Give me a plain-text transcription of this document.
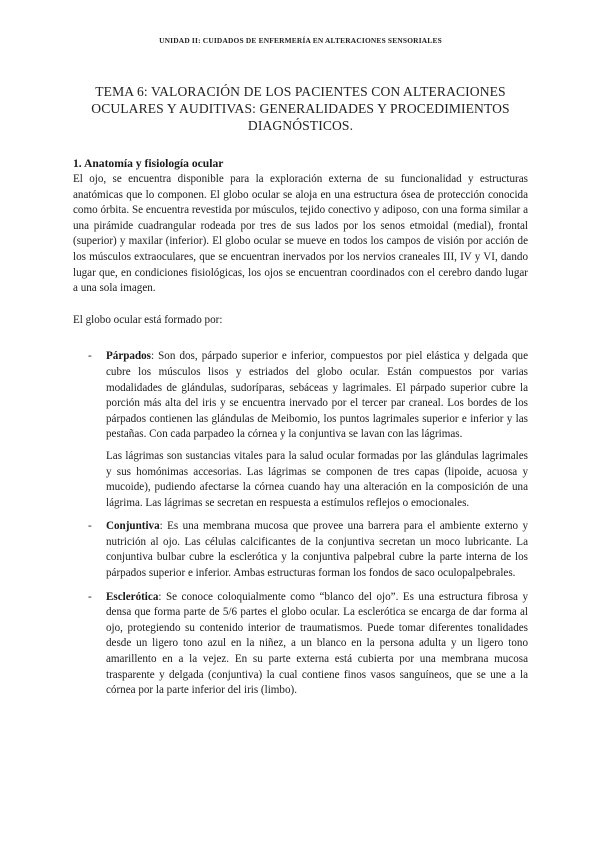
UNIDAD II: CUIDADOS DE ENFERMERÍA EN ALTERACIONES SENSORIALES
TEMA 6: VALORACIÓN DE LOS PACIENTES CON ALTERACIONES
OCULARES Y AUDITIVAS: GENERALIDADES Y PROCEDIMIENTOS
DIAGNÓSTICOS.
1. Anatomía y fisiología ocular

El ojo, se encuentra disponible para la exploración externa de su funcionalidad y estructuras anatómicas que lo componen. El globo ocular se aloja en una estructura ósea de protección conocida como órbita. Se encuentra revestida por músculos, tejido conectivo y adiposo, con una forma similar a una pirámide cuadrangular rodeada por tres de sus lados por los senos etmoidal (medial), frontal (superior) y maxilar (inferior). El globo ocular se mueve en todos los campos de visión por acción de los músculos extraoculares, que se encuentran inervados por los nervios craneales III, IV y VI, dando lugar que, en condiciones fisiológicas, los ojos se encuentran coordinados con el cerebro dando lugar a una sola imagen.

El globo ocular está formado por:

- Párpados: Son dos, párpado superior e inferior, compuestos por piel elástica y delgada que cubre los músculos lisos y estriados del globo ocular. Están compuestos por varias modalidades de glándulas, sudoríparas, sebáceas y lagrimales. El párpado superior cubre la porción más alta del iris y se encuentra inervado por el tercer par craneal. Los bordes de los párpados contienen las glándulas de Meibomio, los puntos lagrimales superior e inferior y las pestañas. Con cada parpadeo la córnea y la conjuntiva se lavan con las lágrimas.

Las lágrimas son sustancias vitales para la salud ocular formadas por las glándulas lagrimales y sus homónimas accesorias. Las lágrimas se componen de tres capas (lipoide, acuosa y mucoide), pudiendo afectarse la córnea cuando hay una alteración en la composición de una lágrima. Las lágrimas se secretan en respuesta a estímulos reflejos o emocionales.

- Conjuntiva: Es una membrana mucosa que provee una barrera para el ambiente externo y nutrición al ojo. Las células calcificantes de la conjuntiva secretan un moco lubricante. La conjuntiva bulbar cubre la esclerótica y la conjuntiva palpebral cubre la parte interna de los párpados superior e inferior. Ambas estructuras forman los fondos de saco oculopalpebrales.

- Esclerótica: Se conoce coloquialmente como “blanco del ojo”. Es una estructura fibrosa y densa que forma parte de 5/6 partes el globo ocular. La esclerótica se encarga de dar forma al ojo, protegiendo su contenido interior de traumatismos. Puede tomar diferentes tonalidades desde un ligero tono azul en la niñez, a un blanco en la persona adulta y un ligero tono amarillento en a la vejez. En su parte externa está cubierta por una membrana mucosa trasparente y delgada (conjuntiva) la cual contiene finos vasos sanguíneos, que se une a la córnea por la parte inferior del iris (limbo).
